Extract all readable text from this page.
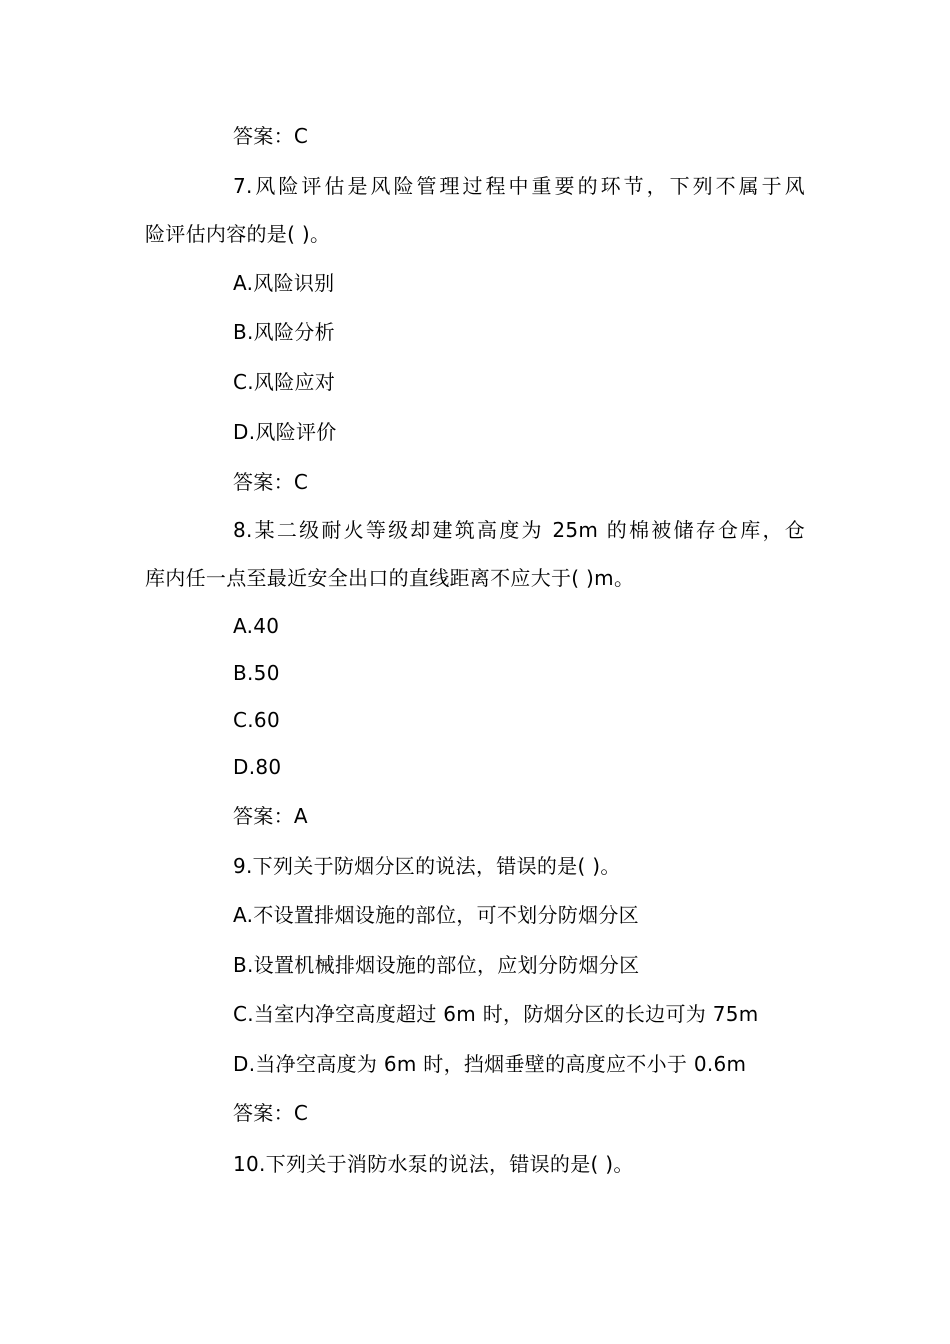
答案：C
7.风险评估是风险管理过程中重要的环节，下列不属于风
险评估内容的是( )。
A.风险识别
B.风险分析
C.风险应对
D.风险评价
答案：C
8.某二级耐火等级却建筑高度为 25m 的棉被储存仓库，仓
库内任一点至最近安全出口的直线距离不应大于( )m。
A.40
B.50
C.60
D.80
答案：A
9.下列关于防烟分区的说法，错误的是( )。
A.不设置排烟设施的部位，可不划分防烟分区
B.设置机械排烟设施的部位，应划分防烟分区
C.当室内净空高度超过 6m 时，防烟分区的长边可为 75m
D.当净空高度为 6m 时，挡烟垂壁的高度应不小于 0.6m
答案：C
10.下列关于消防水泵的说法，错误的是( )。
